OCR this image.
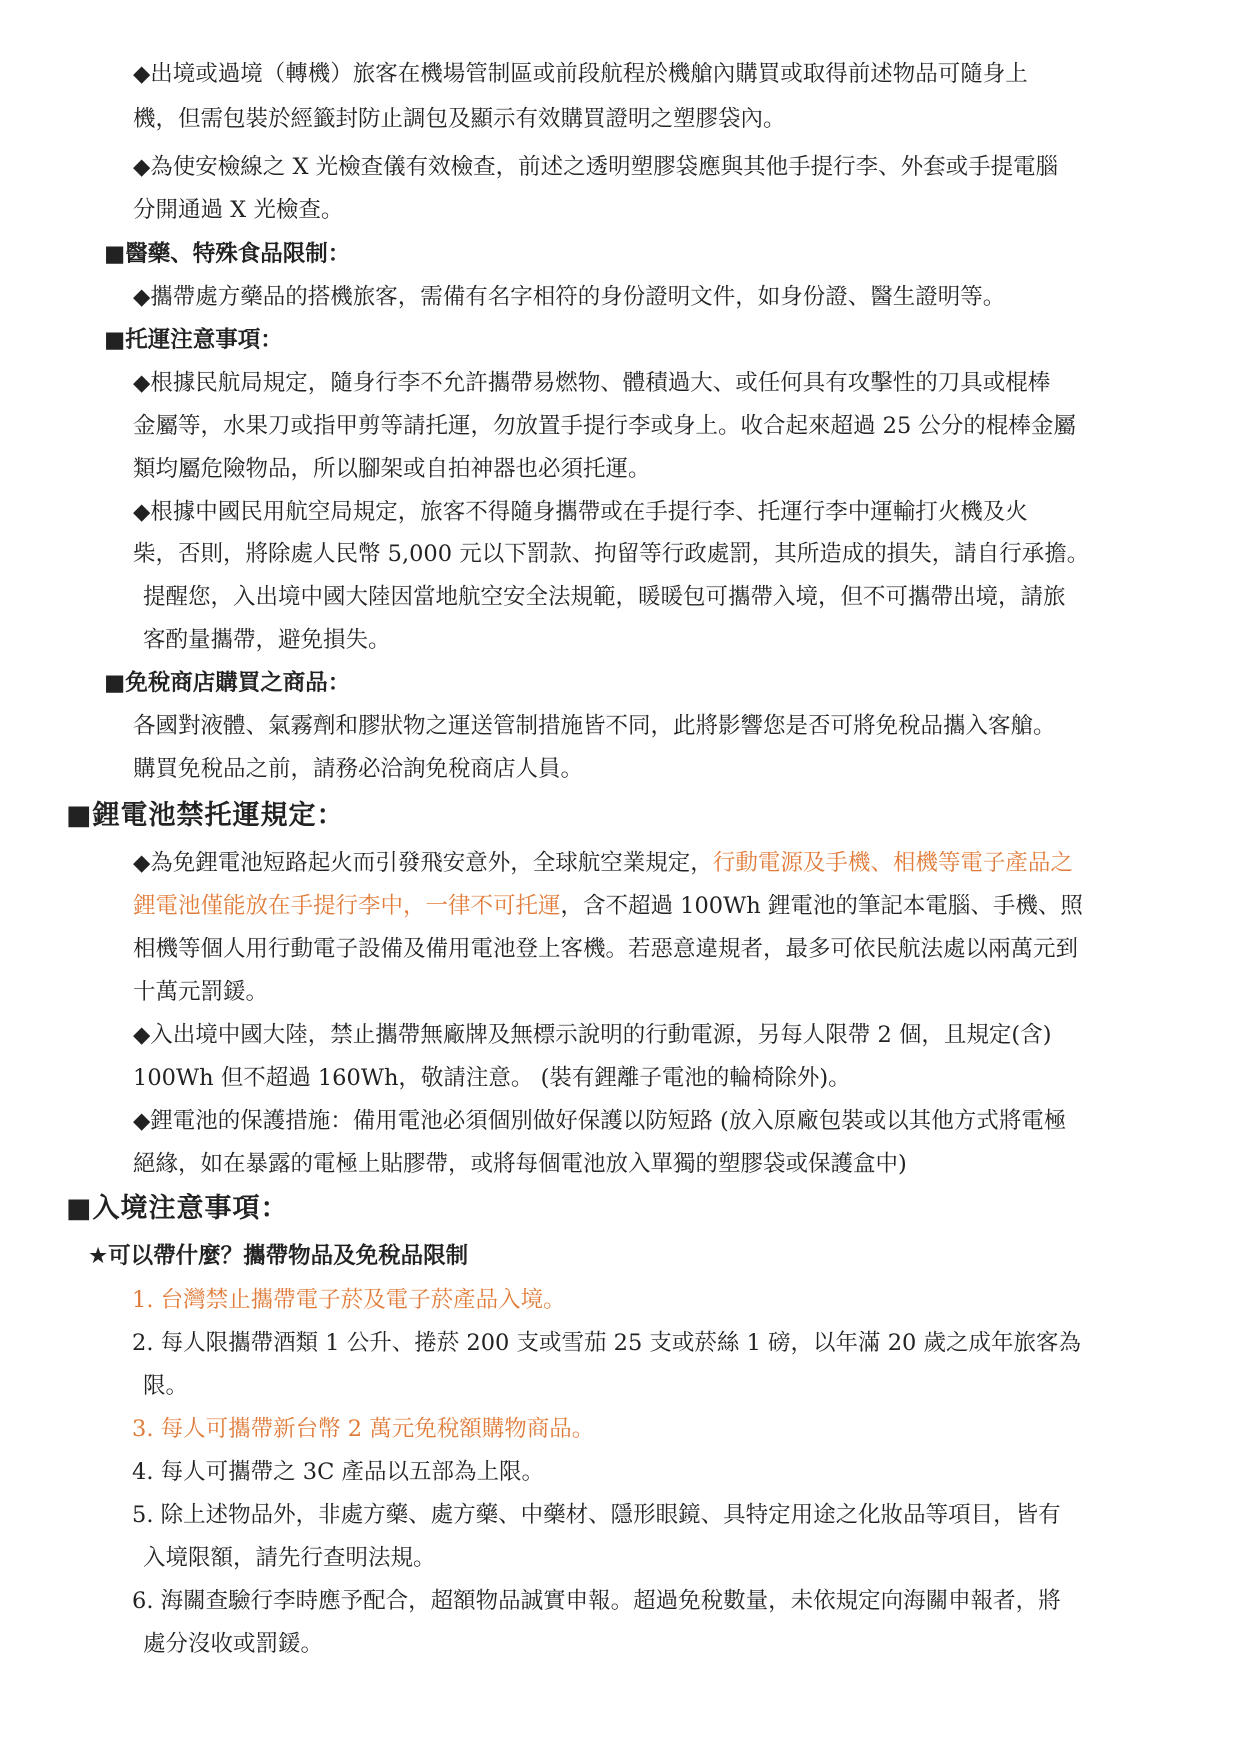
◆出境或過境（轉機）旅客在機場管制區或前段航程於機艙內購買或取得前述物品可隨身上
機，但需包裝於經籤封防止調包及顯示有效購買證明之塑膠袋內。
◆為使安檢線之 X 光檢查儀有效檢查，前述之透明塑膠袋應與其他手提行李、外套或手提電腦
分開通過 X 光檢查。
■醫藥、特殊食品限制：
◆攜帶處方藥品的搭機旅客，需備有名字相符的身份證明文件，如身份證、醫生證明等。
■托運注意事項：
◆根據民航局規定，隨身行李不允許攜帶易燃物、體積過大、或任何具有攻擊性的刀具或棍棒
金屬等，水果刀或指甲剪等請托運，勿放置手提行李或身上。收合起來超過 25 公分的棍棒金屬
類均屬危險物品，所以腳架或自拍神器也必須托運。
◆根據中國民用航空局規定，旅客不得隨身攜帶或在手提行李、托運行李中運輸打火機及火
柴，否則，將除處人民幣 5,000 元以下罰款、拘留等行政處罰，其所造成的損失，請自行承擔。
提醒您，入出境中國大陸因當地航空安全法規範，暖暖包可攜帶入境，但不可攜帶出境，請旅
客酌量攜帶，避免損失。
■免稅商店購買之商品：
各國對液體、氣霧劑和膠狀物之運送管制措施皆不同，此將影響您是否可將免稅品攜入客艙。
購買免稅品之前，請務必洽詢免稅商店人員。
■鋰電池禁托運規定：
◆為免鋰電池短路起火而引發飛安意外，全球航空業規定，行動電源及手機、相機等電子產品之
鋰電池僅能放在手提行李中，一律不可托運，含不超過 100Wh 鋰電池的筆記本電腦、手機、照
相機等個人用行動電子設備及備用電池登上客機。若惡意違規者，最多可依民航法處以兩萬元到
十萬元罰鍰。
◆入出境中國大陸，禁止攜帶無廠牌及無標示說明的行動電源，另每人限帶 2 個，且規定(含)
100Wh 但不超過 160Wh，敬請注意。 (裝有鋰離子電池的輪椅除外)。
◆鋰電池的保護措施：備用電池必須個別做好保護以防短路 (放入原廠包裝或以其他方式將電極
絕緣，如在暴露的電極上貼膠帶，或將每個電池放入單獨的塑膠袋或保護盒中)
■入境注意事項：
★可以帶什麼？攜帶物品及免稅品限制
1. 台灣禁止攜帶電子菸及電子菸產品入境。
2. 每人限攜帶酒類 1 公升、捲菸 200 支或雪茄 25 支或菸絲 1 磅，以年滿 20 歲之成年旅客為
限。
3. 每人可攜帶新台幣 2 萬元免稅額購物商品。
4. 每人可攜帶之 3C 產品以五部為上限。
5. 除上述物品外，非處方藥、處方藥、中藥材、隱形眼鏡、具特定用途之化妝品等項目，皆有
入境限額，請先行查明法規。
6. 海關查驗行李時應予配合，超額物品誠實申報。超過免稅數量，未依規定向海關申報者，將
處分沒收或罰鍰。
